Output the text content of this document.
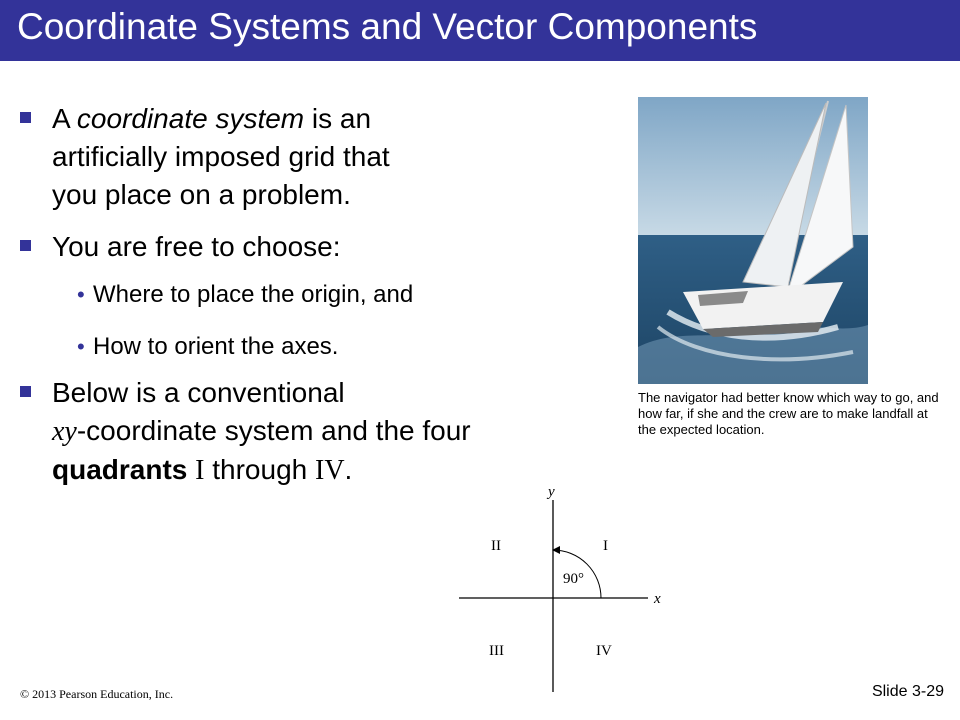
Coordinate Systems and Vector Components
A coordinate system is an
artificially imposed grid that
you place on a problem.
You are free to choose:
• Where to place the origin, and
• How to orient the axes.
Below is a conventional
xy-coordinate system and the four
quadrants I through IV.
The navigator had better know which way to go, and how far, if she and the crew are to make landfall at the expected location.
y
x
II	I
90°
III	IV
© 2013 Pearson Education, Inc.	Slide 3-29
